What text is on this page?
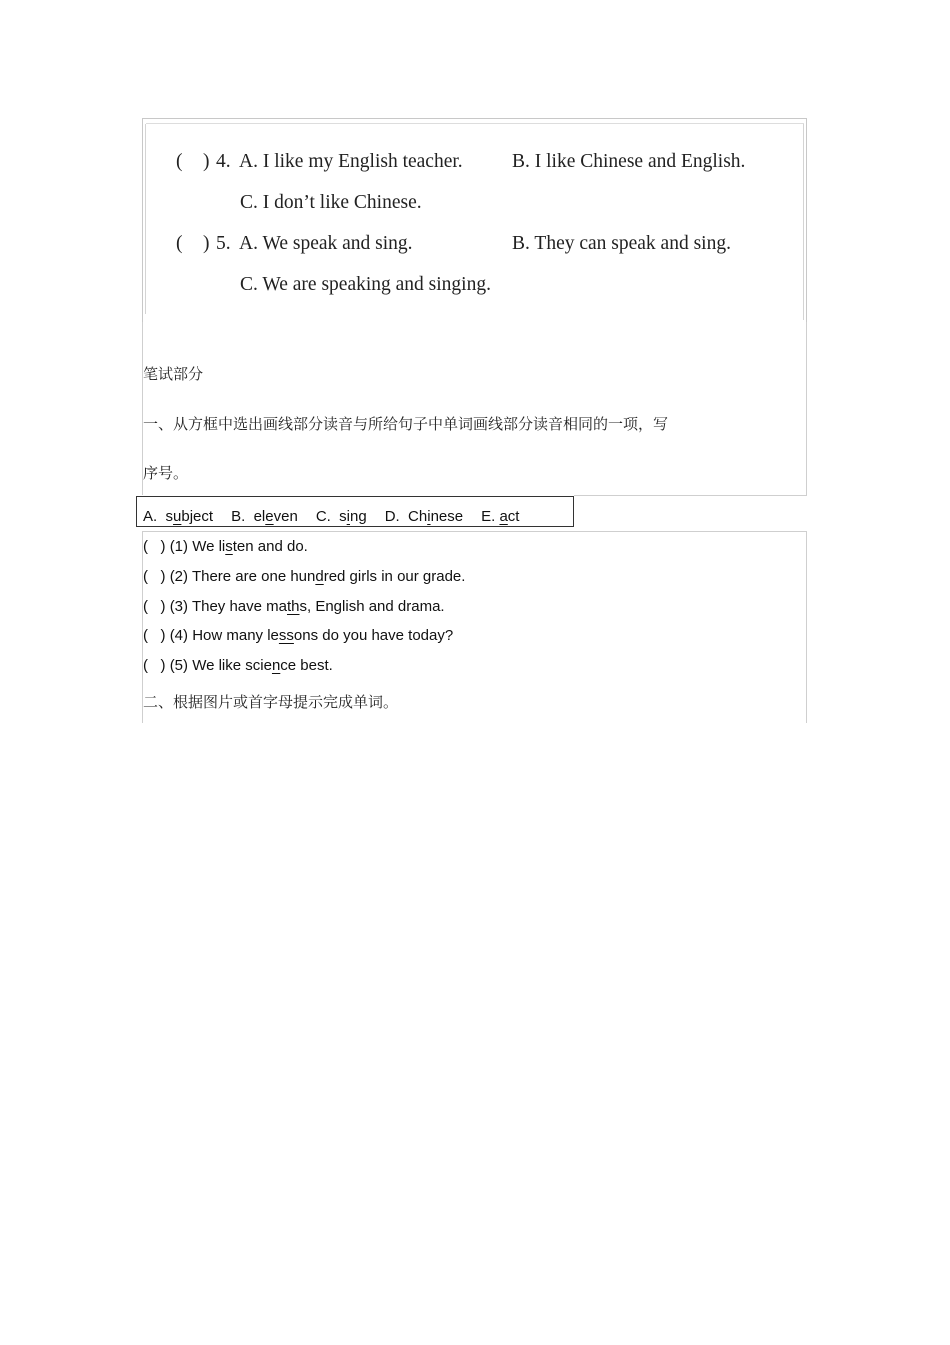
( ) 4. A. I like my English teacher.	B. I like Chinese and English.
C. I don’t like Chinese.
( ) 5. A. We speak and sing.	B. They can speak and sing.
C. We are speaking and singing.
笔试部分
一、从方框中选出画线部分读音与所给句子中单词画线部分读音相同的一项，写
序号。
A. subject B. eleven C. sing D. Chinese E. act
( ) (1) We listen and do.
( ) (2) There are one hundred girls in our grade.
( ) (3) They have maths, English and drama.
( ) (4) How many lessons do you have today?
( ) (5) We like science best.
二、根据图片或首字母提示完成单词。
